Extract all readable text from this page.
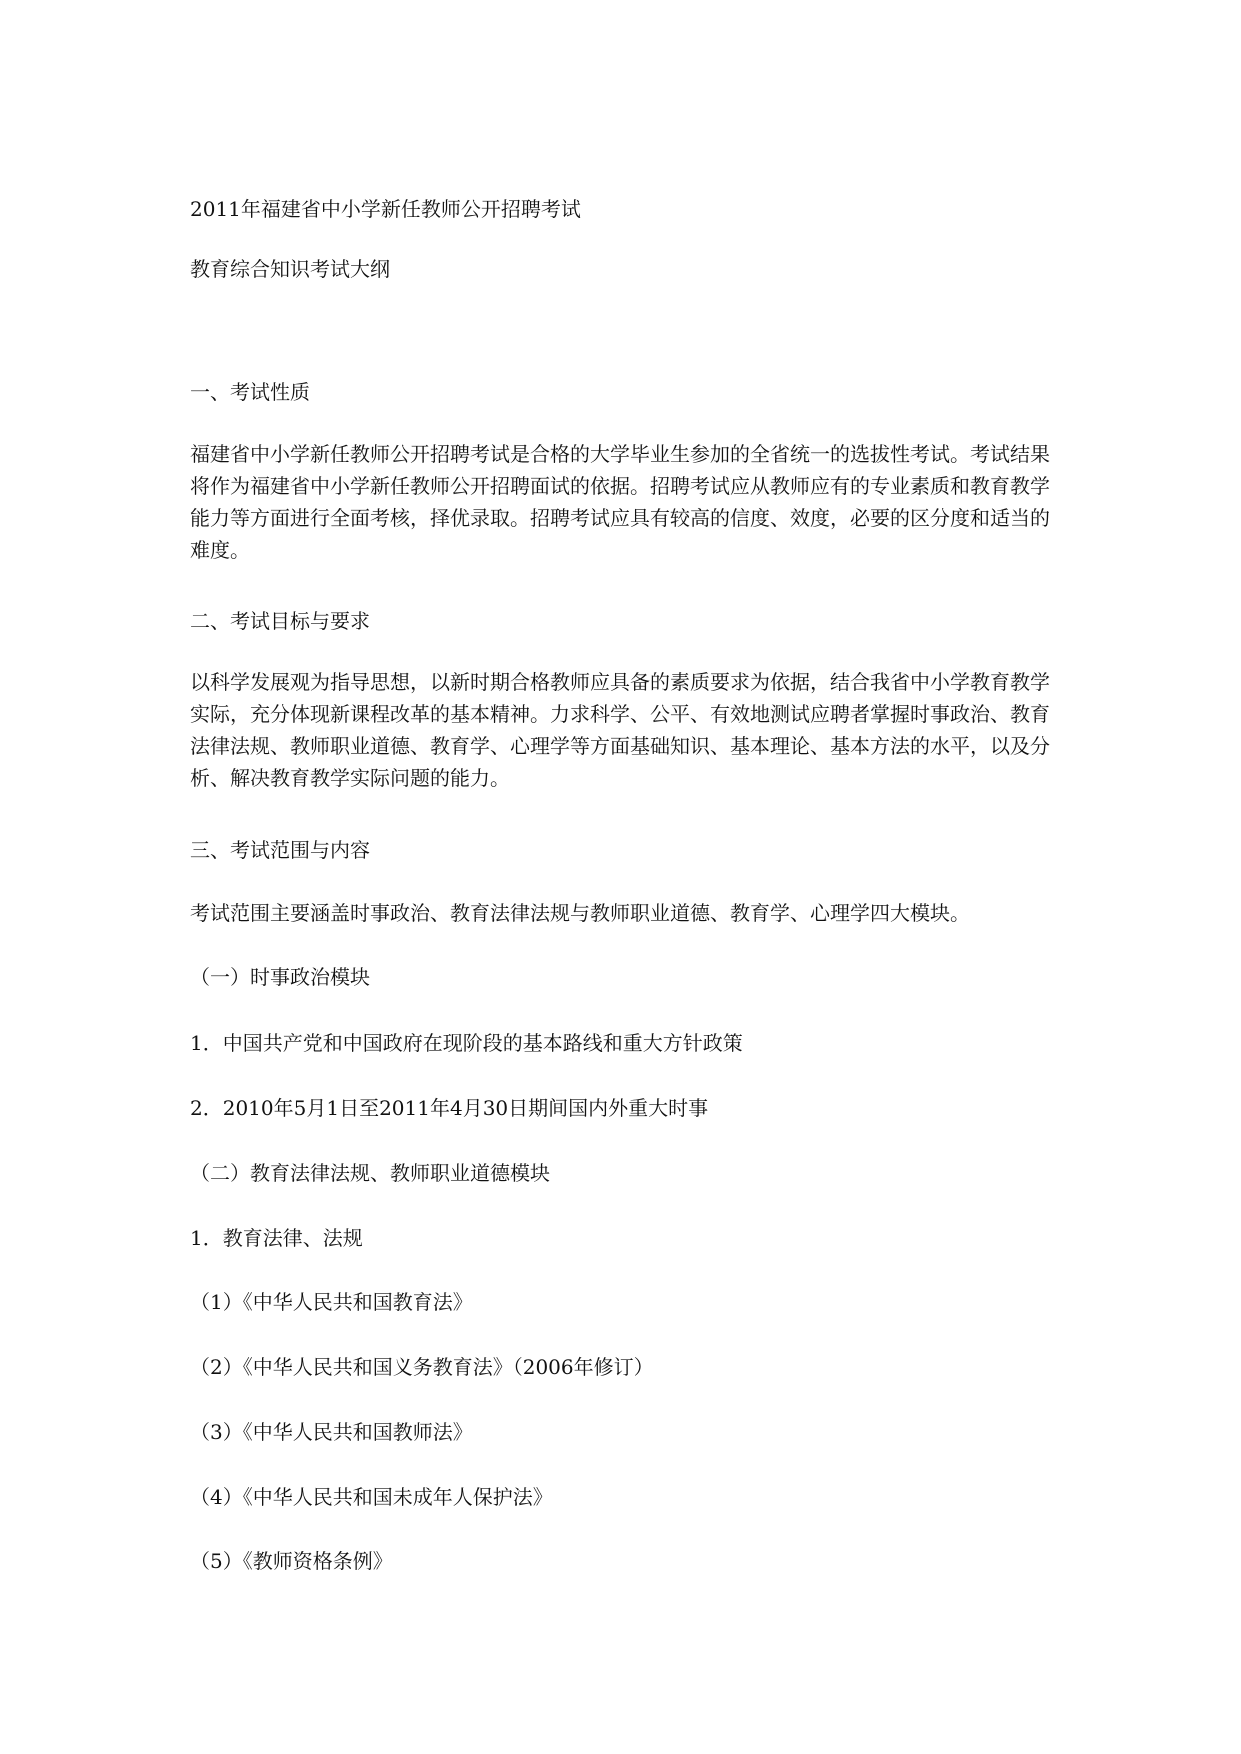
2011年福建省中小学新任教师公开招聘考试

教育综合知识考试大纲

一、考试性质

福建省中小学新任教师公开招聘考试是合格的大学毕业生参加的全省统一的选拔性考试。考试结果将作为福建省中小学新任教师公开招聘面试的依据。招聘考试应从教师应有的专业素质和教育教学能力等方面进行全面考核，择优录取。招聘考试应具有较高的信度、效度，必要的区分度和适当的难度。

二、考试目标与要求

以科学发展观为指导思想，以新时期合格教师应具备的素质要求为依据，结合我省中小学教育教学实际，充分体现新课程改革的基本精神。力求科学、公平、有效地测试应聘者掌握时事政治、教育法律法规、教师职业道德、教育学、心理学等方面基础知识、基本理论、基本方法的水平，以及分析、解决教育教学实际问题的能力。

三、考试范围与内容

考试范围主要涵盖时事政治、教育法律法规与教师职业道德、教育学、心理学四大模块。

（一）时事政治模块

1．中国共产党和中国政府在现阶段的基本路线和重大方针政策

2．2010年5月1日至2011年4月30日期间国内外重大时事

（二）教育法律法规、教师职业道德模块

1．教育法律、法规

（1）《中华人民共和国教育法》

（2）《中华人民共和国义务教育法》（2006年修订）

（3）《中华人民共和国教师法》

（4）《中华人民共和国未成年人保护法》

（5）《教师资格条例》
